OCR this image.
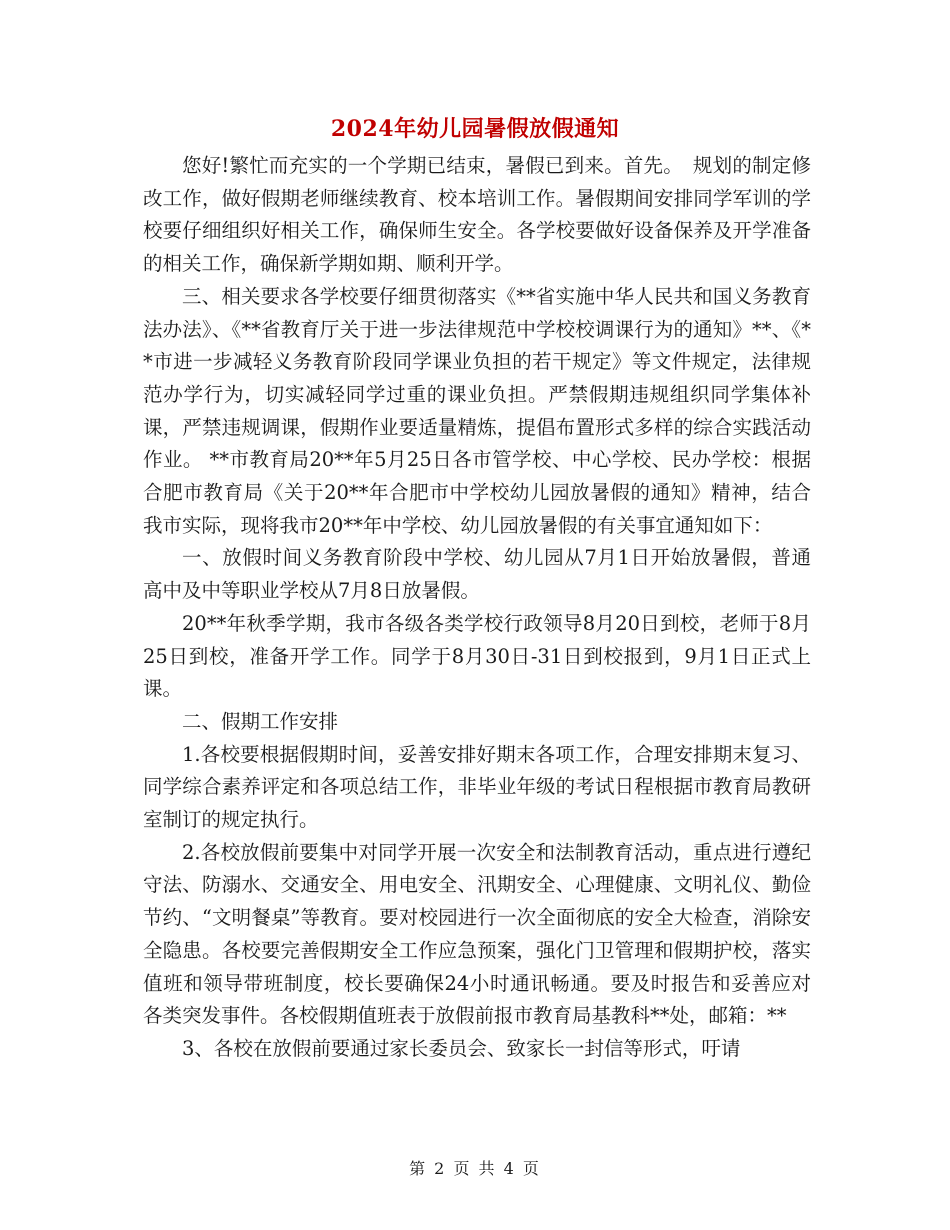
2024年幼儿园暑假放假通知

您好!繁忙而充实的一个学期已结束，暑假已到来。首先。　规划的制定修改工作，做好假期老师继续教育、校本培训工作。暑假期间安排同学军训的学校要仔细组织好相关工作，确保师生安全。各学校要做好设备保养及开学准备的相关工作，确保新学期如期、顺利开学。

三、相关要求各学校要仔细贯彻落实《**省实施中华人民共和国义务教育法办法》、《**省教育厅关于进一步法律规范中学校校调课行为的通知》**、《**市进一步减轻义务教育阶段同学课业负担的若干规定》等文件规定，法律规范办学行为，切实减轻同学过重的课业负担。严禁假期违规组织同学集体补课，严禁违规调课，假期作业要适量精炼，提倡布置形式多样的综合实践活动作业。 **市教育局20**年5月25日各市管学校、中心学校、民办学校：根据合肥市教育局《关于20**年合肥市中学校幼儿园放暑假的通知》精神，结合我市实际，现将我市20**年中学校、幼儿园放暑假的有关事宜通知如下：

一、放假时间义务教育阶段中学校、幼儿园从7月1日开始放暑假，普通高中及中等职业学校从7月8日放暑假。

20**年秋季学期，我市各级各类学校行政领导8月20日到校，老师于8月25日到校，准备开学工作。同学于8月30日-31日到校报到，9月1日正式上课。

二、假期工作安排

1.各校要根据假期时间，妥善安排好期末各项工作，合理安排期末复习、同学综合素养评定和各项总结工作，非毕业年级的考试日程根据市教育局教研室制订的规定执行。

2.各校放假前要集中对同学开展一次安全和法制教育活动，重点进行遵纪守法、防溺水、交通安全、用电安全、汛期安全、心理健康、文明礼仪、勤俭节约、“文明餐桌”等教育。要对校园进行一次全面彻底的安全大检查，消除安全隐患。各校要完善假期安全工作应急预案，强化门卫管理和假期护校，落实值班和领导带班制度，校长要确保24小时通讯畅通。要及时报告和妥善应对各类突发事件。各校假期值班表于放假前报市教育局基教科**处，邮箱：**

3、各校在放假前要通过家长委员会、致家长一封信等形式，吁请

第 2 页 共 4 页
